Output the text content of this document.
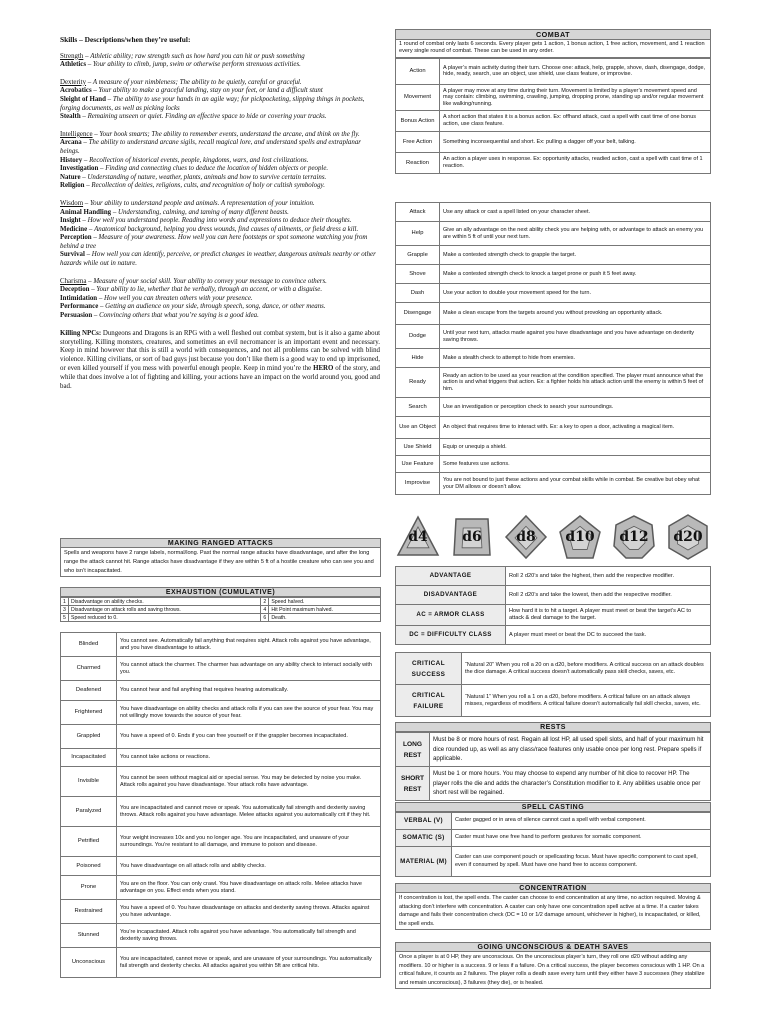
Skills – Descriptions/when they’re useful:
Strength – Athletic ability; raw strength such as how hard you can hit or push something
Athletics – Your ability to climb, jump, swim or otherwise perform strenuous activities.
Dexterity – A measure of your nimbleness; The ability to be quietly, careful or graceful.
Acrobatics – Your ability to make a graceful landing, stay on your feet, or land a difficult stunt
Sleight of Hand – The ability to use your hands in an agile way; for pickpocketing, slipping things in pockets, forging documents, as well as picking locks
Stealth – Remaining unseen or quiet. Finding an effective space to hide or covering your tracks.
Intelligence – Your book smarts; The ability to remember events, understand the arcane, and think on the fly.
Arcana – The ability to understand arcane sigils, recall magical lore, and understand spells and extraplanar beings.
History – Recollection of historical events, people, kingdoms, wars, and lost civilizations.
Investigation – Finding and connecting clues to deduce the location of hidden objects or people.
Nature – Understanding of nature, weather, plants, animals and how to survive certain terrains.
Religion – Recollection of deities, religions, cults, and recognition of holy or cultish symbology.
Wisdom – Your ability to understand people and animals. A representation of your intuition.
Animal Handling – Understanding, calming, and taming of many different beasts.
Insight – How well you understand people. Reading into words and expressions to deduce their thoughts.
Medicine – Anatomical background, helping you dress wounds, find causes of ailments, or field dress a kill.
Perception – Measure of your awareness. How well you can here footsteps or spot someone watching you from behind a tree
Survival – How well you can identify, perceive, or predict changes in weather, dangerous animals nearby or other hazards while out in nature.
Charisma – Measure of your social skill. Your ability to convey your message to convince others.
Deception – Your ability to lie, whether that be verbally, through an accent, or with a disguise.
Intimidation – How well you can threaten others with your presence.
Performance – Getting an audience on your side, through speech, song, dance, or other means.
Persuasion – Convincing others that what you’re saying is a good idea.
Killing NPCs: Dungeons and Dragons is an RPG with a well fleshed out combat system, but is it also a game about storytelling. Killing monsters, creatures, and sometimes an evil necromancer is an important event and necessary. Keep in mind however that this is still a world with consequences, and not all problems can be solved with blind violence. Killing civilians, or sort of bad guys just because you don’t like them is a good way to end up imprisoned, or even killed yourself if you mess with powerful enough people. Keep in mind you’re the HERO of the story, and while that does involve a lot of fighting and killing, your actions have an impact on the world around you, good and bad.
MAKING RANGED ATTACKS
Spells and weapons have 2 range labels, normal/long. Past the normal range attacks have disadvantage, and after the long range the attack cannot hit. Range attacks have disadvantage if they are within 5 ft of a hostile creature who can see you and who isn’t incapacitated.
EXHAUSTION (CUMULATIVE)
1	Disadvantage on ability checks.	2	Speed halved.
3	Disadvantage on attack rolls and saving throws.	4	Hit Point maximum halved.
5	Speed reduced to 0.	6	Death.
Blinded	You cannot see. Automatically fail anything that requires sight. Attack rolls against you have advantage, and you have disadvantage to attack.
Charmed	You cannot attack the charmer. The charmer has advantage on any ability check to interact socially with you.
Deafened	You cannot hear and fail anything that requires hearing automatically.
Frightened	You have disadvantage on ability checks and attack rolls if you can see the source of your fear. You may not willingly move towards the source of your fear.
Grappled	You have a speed of 0. Ends if you can free yourself or if the grappler becomes incapacitated.
Incapacitated	You cannot take actions or reactions.
Invisible	You cannot be seen without magical aid or special sense. You may be detected by noise you make. Attack rolls against you have disadvantage. Your attack rolls have advantage.
Paralyzed	You are incapacitated and cannot move or speak. You automatically fail strength and dexterity saving throws. Attack rolls against you have advantage. Melee attacks against you automatically crit if they hit.
Petrified	Your weight increases 10x and you no longer age. You are incapacitated, and unaware of your surroundings. You’re resistant to all damage, and immune to poison and disease.
Poisoned	You have disadvantage on all attack rolls and ability checks.
Prone	You are on the floor. You can only crawl. You have disadvantage on attack rolls. Melee attacks have advantage on you. Effect ends when you stand.
Restrained	You have a speed of 0. You have disadvantage on attacks and dexterity saving throws. Attacks against you have advantage.
Stunned	You’re incapacitated. Attack rolls against you have advantage. You automatically fail strength and dexterity saving throws.
Unconscious	You are incapacitated, cannot move or speak, and are unaware of your surroundings. You automatically fail strength and dexterity checks. All attacks against you within 5ft are critical hits.
COMBAT
1 round of combat only lasts 6 seconds. Every player gets 1 action, 1 bonus action, 1 free action, movement, and 1 reaction every single round of combat. These can be used in any order.
Action	A player’s main activity during their turn. Choose one: attack, help, grapple, shove, dash, disengage, dodge, hide, ready, search, use an object, use shield, use class feature, or improvise.
Movement	A player may move at any time during their turn. Movement is limited by a player’s movement speed and may contain: climbing, swimming, crawling, jumping, dropping prone, standing up and/or regular movement like walking/running.
Bonus Action	A short action that states it is a bonus action. Ex: offhand attack, cast a spell with cast time of one bonus action, use class feature.
Free Action	Something inconsequential and short. Ex: pulling a dagger off your belt, talking.
Reaction	An action a player uses in response. Ex: opportunity attacks, readied action, cast a spell with cast time of 1 reaction.
Attack	Use any attack or cast a spell listed on your character sheet.
Help	Give an ally advantage on the next ability check you are helping with, or advantage to attack an enemy you are within 5 ft of until your next turn.
Grapple	Make a contested strength check to grapple the target.
Shove	Make a contested strength check to knock a target prone or push it 5 feet away.
Dash	Use your action to double your movement speed for the turn.
Disengage	Make a clean escape from the targets around you without provoking an opportunity attack.
Dodge	Until your next turn, attacks made against you have disadvantage and you have advantage on dexterity saving throws.
Hide	Make a stealth check to attempt to hide from enemies.
Ready	Ready an action to be used as your reaction at the condition specified. The player must announce what the action is and what triggers that action. Ex: a fighter holds his attack action until the enemy is within 5 feet of him.
Search	Use an investigation or perception check to search your surroundings.
Use an Object	An object that requires time to interact with. Ex: a key to open a door, activating a magical item.
Use Shield	Equip or unequip a shield.
Use Feature	Some features use actions.
Improvise	You are not bound to just these actions and your combat skills while in combat. Be creative but obey what your DM allows or doesn’t allow.
d4	d6	d8	d10	d12	d20
ADVANTAGE	Roll 2 d20’s and take the highest, then add the respective modifier.
DISADVANTAGE	Roll 2 d20’s and take the lowest, then add the respective modifier.
AC = ARMOR CLASS	How hard it is to hit a target. A player must meet or beat the target’s AC to attack & deal damage to the target.
DC = DIFFICULTY CLASS	A player must meet or beat the DC to succeed the task.
CRITICAL SUCCESS	“Natural 20” When you roll a 20 on a d20, before modifiers. A critical success on an attack doubles the dice damage. A critical success doesn’t automatically pass skill checks, saves, etc.
CRITICAL FAILURE	“Natural 1” When you roll a 1 on a d20, before modifiers. A critical failure on an attack always misses, regardless of modifiers. A critical failure doesn’t automatically fail skill checks, saves, etc.
RESTS
LONG REST	Must be 8 or more hours of rest. Regain all lost HP, all used spell slots, and half of your maximum hit dice rounded up, as well as any class/race features only usable once per long rest. Prepare spells if applicable.
SHORT REST	Must be 1 or more hours. You may choose to expend any number of hit dice to recover HP. The player rolls the die and adds the character’s Constitution modifier to it. Any abilities usable once per short rest will be regained.
SPELL CASTING
VERBAL (V)	Caster gagged or in area of silence cannot cast a spell with verbal component.
SOMATIC (S)	Caster must have one free hand to perform gestures for somatic component.
MATERIAL (M)	Caster can use component pouch or spellcasting focus. Must have specific component to cast spell, even if consumed by spell. Must have one hand free to access component.
CONCENTRATION
If concentration is lost, the spell ends. The caster can choose to end concentration at any time, no action required. Moving & attacking don’t interfere with concentration. A caster can only have one concentration spell active at a time. If a caster takes damage and fails their concentration check (DC = 10 or 1/2 damage amount, whichever is higher), is incapacitated, or killed, the spell ends.
GOING UNCONSCIOUS & DEATH SAVES
Once a player is at 0 HP, they are unconscious. On the unconscious player’s turn, they roll one d20 without adding any modifiers. 10 or higher is a success. 9 or less if a failure. On a critical success, the player becomes conscious with 1 HP. On a critical failure, it counts as 2 failures. The player rolls a death save every turn until they either have 3 successes (they stabilize and remain unconscious), 3 failures (they die), or is healed.
